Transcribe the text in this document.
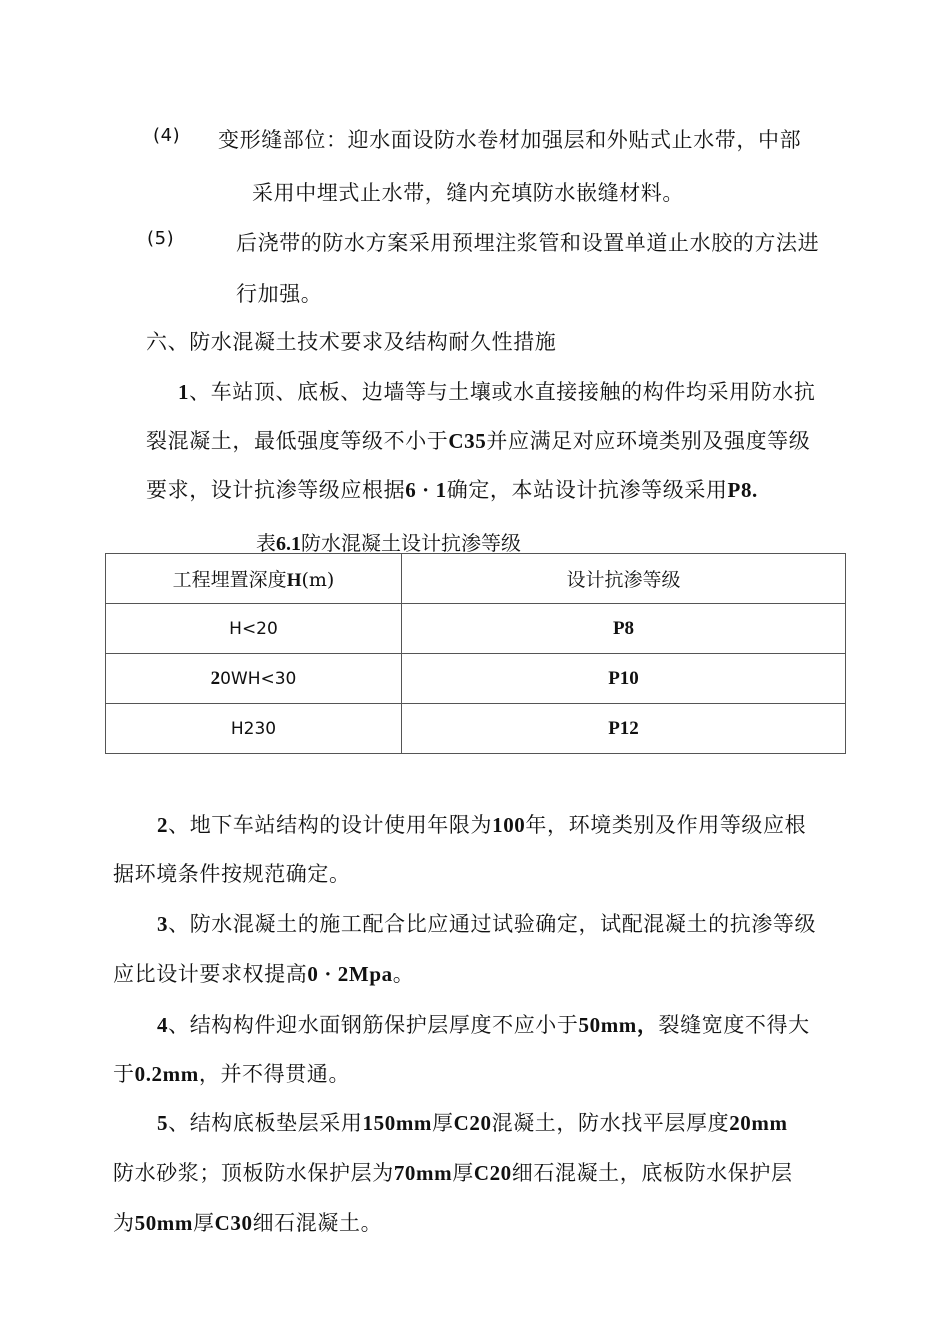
(4) 变形缝部位：迎水面设防水卷材加强层和外贴式止水带，中部
采用中埋式止水带，缝内充填防水嵌缝材料。
(5)	后浇带的防水方案采用预埋注浆管和设置单道止水胶的方法进
行加强。
六、防水混凝土技术要求及结构耐久性措施
1、车站顶、底板、边墙等与土壤或水直接接触的构件均采用防水抗
裂混凝土，最低强度等级不小于C35并应满足对应环境类别及强度等级
要求，设计抗渗等级应根据6 · 1确定，本站设计抗渗等级采用P8.
表6.1防水混凝土设计抗渗等级
工程埋置深度H(m)	设计抗渗等级
H<20	P8
20WH<30	P10
H230	P12
2、地下车站结构的设计使用年限为100年，环境类别及作用等级应根
据环境条件按规范确定。
3、防水混凝土的施工配合比应通过试验确定，试配混凝土的抗渗等级
应比设计要求权提高0 · 2Mpa。
4、结构构件迎水面钢筋保护层厚度不应小于50mm，裂缝宽度不得大
于0.2mm，并不得贯通。
5、结构底板垫层采用150mm厚C20混凝土，防水找平层厚度20mm
防水砂浆；顶板防水保护层为70mm厚C20细石混凝土，底板防水保护层
为50mm厚C30细石混凝土。
